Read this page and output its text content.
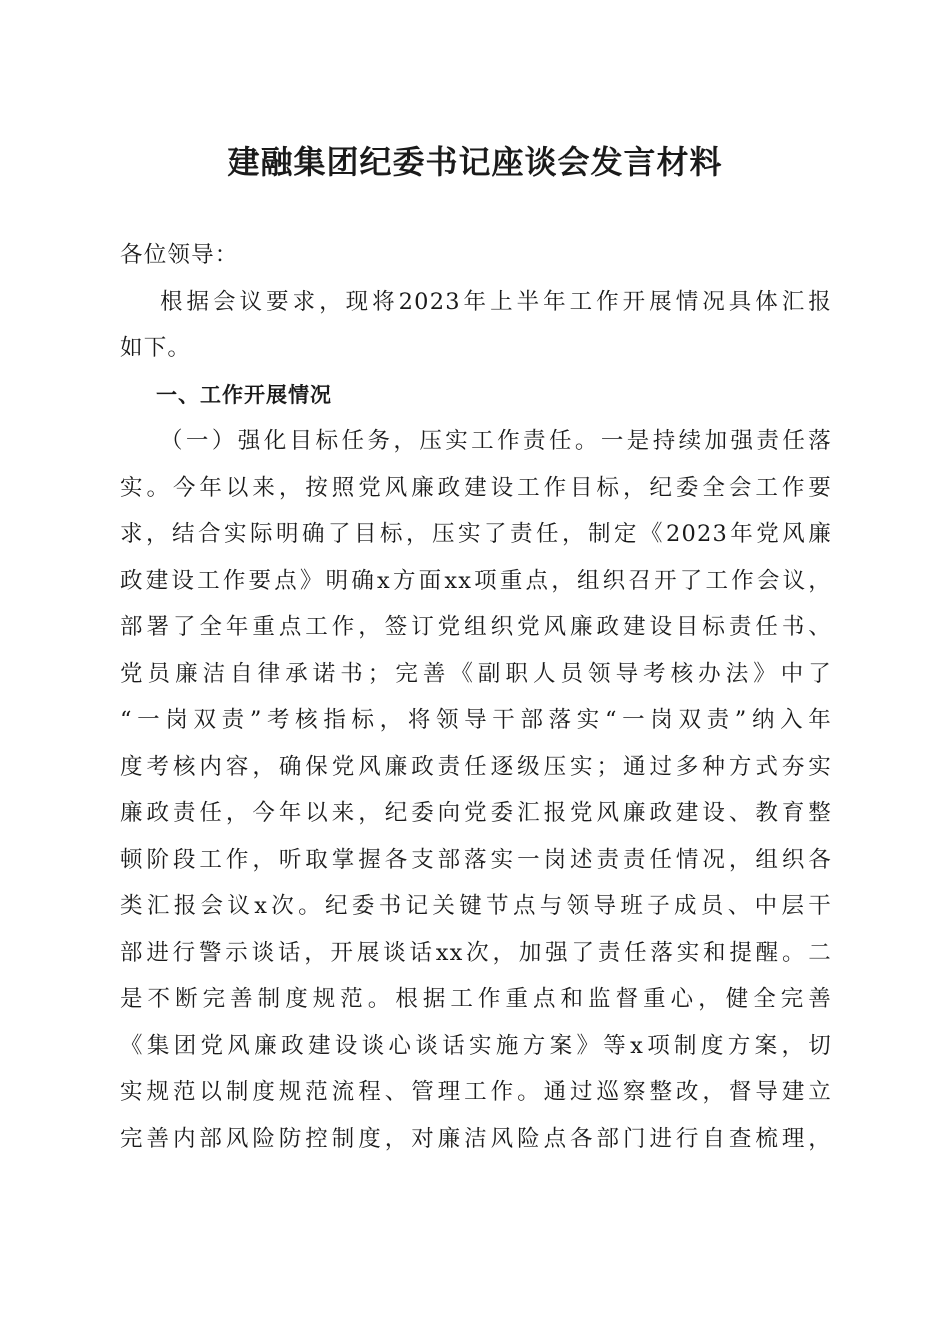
建融集团纪委书记座谈会发言材料
各位领导：
根据会议要求，现将2023年上半年工作开展情况具体汇报
如下。
一、工作开展情况
（一）强化目标任务，压实工作责任。一是持续加强责任落
实。今年以来，按照党风廉政建设工作目标，纪委全会工作要
求，结合实际明确了目标，压实了责任，制定《2023年党风廉
政建设工作要点》明确x方面xx项重点，组织召开了工作会议，
部署了全年重点工作，签订党组织党风廉政建设目标责任书、
党员廉洁自律承诺书；完善《副职人员领导考核办法》中了
“一岗双责”考核指标，将领导干部落实“一岗双责”纳入年
度考核内容，确保党风廉政责任逐级压实；通过多种方式夯实
廉政责任，今年以来，纪委向党委汇报党风廉政建设、教育整
顿阶段工作，听取掌握各支部落实一岗述责责任情况，组织各
类汇报会议x次。纪委书记关键节点与领导班子成员、中层干
部进行警示谈话，开展谈话xx次，加强了责任落实和提醒。二
是不断完善制度规范。根据工作重点和监督重心，健全完善
《集团党风廉政建设谈心谈话实施方案》等x项制度方案，切
实规范以制度规范流程、管理工作。通过巡察整改，督导建立
完善内部风险防控制度，对廉洁风险点各部门进行自查梳理，
